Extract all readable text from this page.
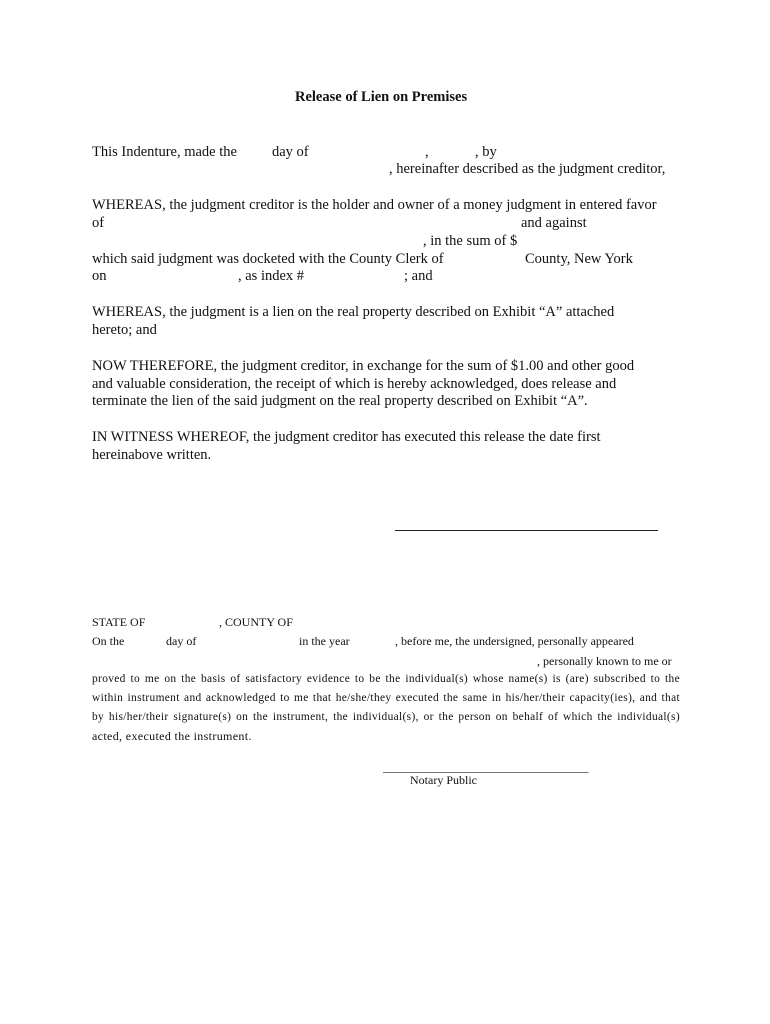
Release of Lien on Premises
This Indenture, made the day of	,	, by
, hereinafter described as the judgment creditor,
WHEREAS, the judgment creditor is the holder and owner of a money judgment in entered favor
of	and against
, in the sum of $
which said judgment was docketed with the County Clerk of	County, New York
on	, as index #	; and
WHEREAS, the judgment is a lien on the real property described on Exhibit “A” attached
hereto; and
NOW THEREFORE, the judgment creditor, in exchange for the sum of $1.00 and other good
and valuable consideration, the receipt of which is hereby acknowledged, does release and
terminate the lien of the said judgment on the real property described on Exhibit “A”.
IN WITNESS WHEREOF, the judgment creditor has executed this release the date first
hereinabove written.
STATE OF	, COUNTY OF
On the	day of	in the year	, before me, the undersigned, personally appeared
, personally known to me or
proved to me on the basis of satisfactory evidence to be the individual(s) whose name(s) is (are) subscribed to the
within instrument and acknowledged to me that he/she/they executed the same in his/her/their capacity(ies), and that
by his/her/their signature(s) on the instrument, the individual(s), or the person on behalf of which the individual(s)
acted, executed the instrument.
____________________________________
Notary Public
